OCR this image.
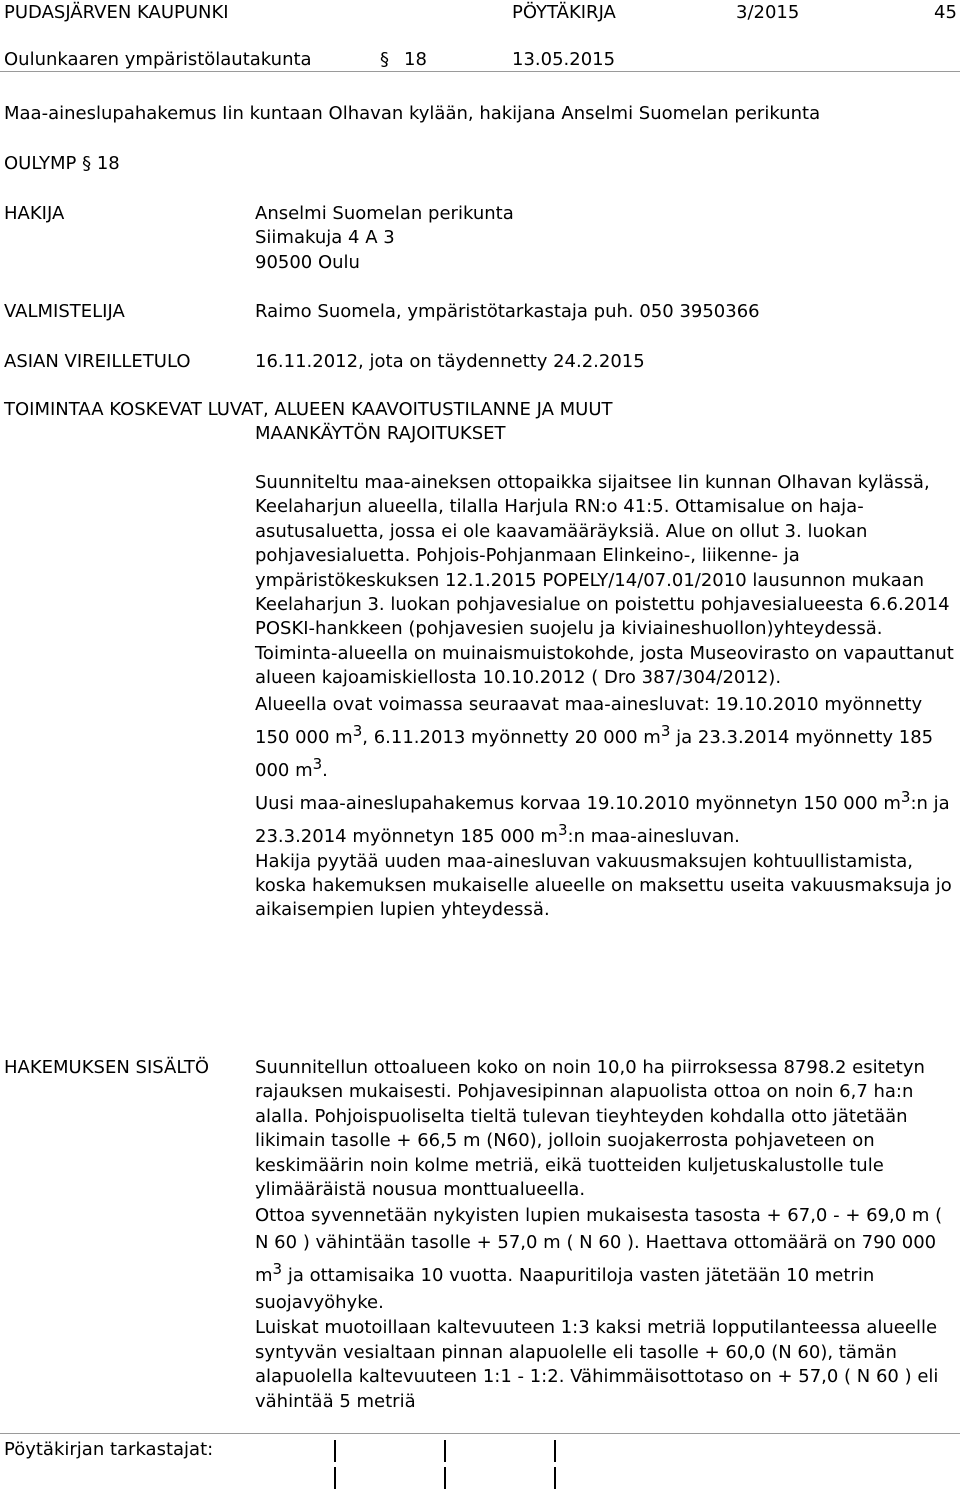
PUDASJÄRVEN KAUPUNKI	PÖYTÄKIRJA	3/2015	45
Oulunkaaren ympäristölautakunta	§ 18	13.05.2015
Maa-aineslupahakemus Iin kuntaan Olhavan kylään, hakijana Anselmi Suomelan perikunta
OULYMP § 18
HAKIJA	Anselmi Suomelan perikunta
Siimakuja 4 A 3
90500 Oulu
VALMISTELIJA	Raimo Suomela, ympäristötarkastaja puh. 050 3950366
ASIAN VIREILLETULO	16.11.2012, jota on täydennetty 24.2.2015
TOIMINTAA KOSKEVAT LUVAT, ALUEEN KAAVOITUSTILANNE JA MUUT
MAANKÄYTÖN RAJOITUKSET

Suunniteltu maa-aineksen ottopaikka sijaitsee Iin kunnan Olhavan kylässä, Keelaharjun alueella, tilalla Harjula RN:o 41:5. Ottamisalue on haja-asutusaluetta, jossa ei ole kaavamääräyksiä. Alue on ollut 3. luokan pohjavesialuetta. Pohjois-Pohjanmaan Elinkeino-, liikenne- ja ympäristökeskuksen 12.1.2015 POPELY/14/07.01/2010 lausunnon mukaan Keelaharjun 3. luokan pohjavesialue on poistettu pohjavesialueesta 6.6.2014 POSKI-hankkeen (pohjavesien suojelu ja kiviaineshuollon)yhteydessä.

Toiminta-alueella on muinaismuistokohde, josta Museovirasto on vapauttanut alueen kajoamiskiellosta 10.10.2012 ( Dro 387/304/2012).

Alueella ovat voimassa seuraavat maa-ainesluvat: 19.10.2010 myönnetty 150 000 $m^3$, 6.11.2013 myönnetty 20 000 $m^3$ ja 23.3.2014 myönnetty 185 000 $m^3$.

Uusi maa-aineslupahakemus korvaa 19.10.2010 myönnetyn 150 000 $m^3:n$ ja 23.3.2014 myönnetyn 185 000 $m^3:n$ maa-ainesluvan.

Hakija pyytää uuden maa-ainesluvan vakuusmaksujen kohtuullistamista, koska hakemuksen mukaiselle alueelle on maksettu useita vakuusmaksuja jo aikaisempien lupien yhteydessä.

HAKEMUKSEN SISÄLTÖ	Suunnitellun ottoalueen koko on noin 10,0 ha piirroksessa 8798.2 esitetyn rajauksen mukaisesti. Pohjavesipinnan alapuolista ottoa on noin 6,7 ha:n alalla. Pohjoispuoliselta tieltä tulevan tieyhteyden kohdalla otto jätetään likimain tasolle + 66,5 m (N60), jolloin suojakerrosta pohjaveteen on keskimäärin noin kolme metriä, eikä tuotteiden kuljetuskalustolle tule ylimääräistä nousua monttualueella.

Ottoa syvennetään nykyisten lupien mukaisesta tasosta + 67,0 - + 69,0 m ( N 60 ) vähintään tasolle + 57,0 m ( N 60 ). Haettava ottomäärä on 790 000 $m^3$ ja ottamisaika 10 vuotta. Naapuritiloja vasten jätetään 10 metrin suojavyöhyke.

Luiskat muotoillaan kaltevuuteen 1:3 kaksi metriä lopputilanteessa alueelle syntyvän vesialtaan pinnan alapuolelle eli tasolle + 60,0 (N 60), tämän alapuolella kaltevuuteen 1:1 - 1:2. Vähimmäisottotaso on + 57,0 ( N 60 ) eli vähintää 5 metriä

Pöytäkirjan tarkastajat:
